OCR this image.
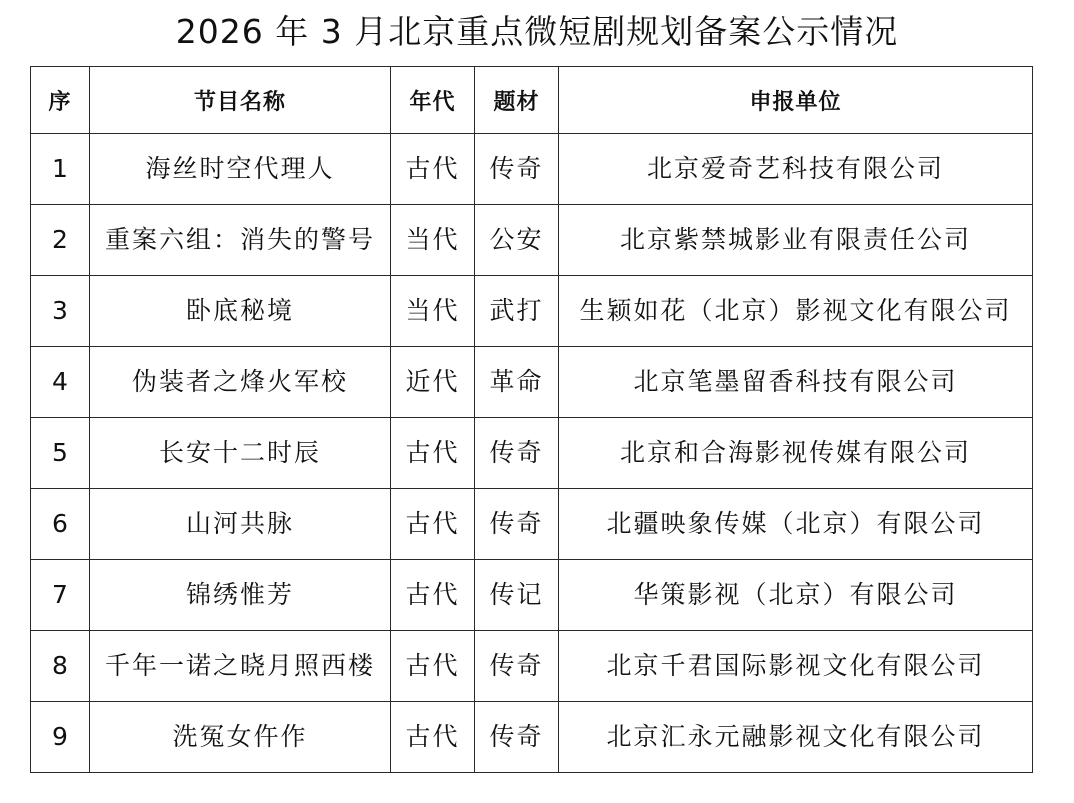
2026 年 3 月北京重点微短剧规划备案公示情况
序	节目名称	年代	题材	申报单位
1	海丝时空代理人	古代	传奇	北京爱奇艺科技有限公司
2	重案六组：消失的警号	当代	公安	北京紫禁城影业有限责任公司
3	卧底秘境	当代	武打	生颖如花（北京）影视文化有限公司
4	伪装者之烽火军校	近代	革命	北京笔墨留香科技有限公司
5	长安十二时辰	古代	传奇	北京和合海影视传媒有限公司
6	山河共脉	古代	传奇	北疆映象传媒（北京）有限公司
7	锦绣惟芳	古代	传记	华策影视（北京）有限公司
8	千年一诺之晓月照西楼	古代	传奇	北京千君国际影视文化有限公司
9	洗冤女仵作	古代	传奇	北京汇永元融影视文化有限公司
